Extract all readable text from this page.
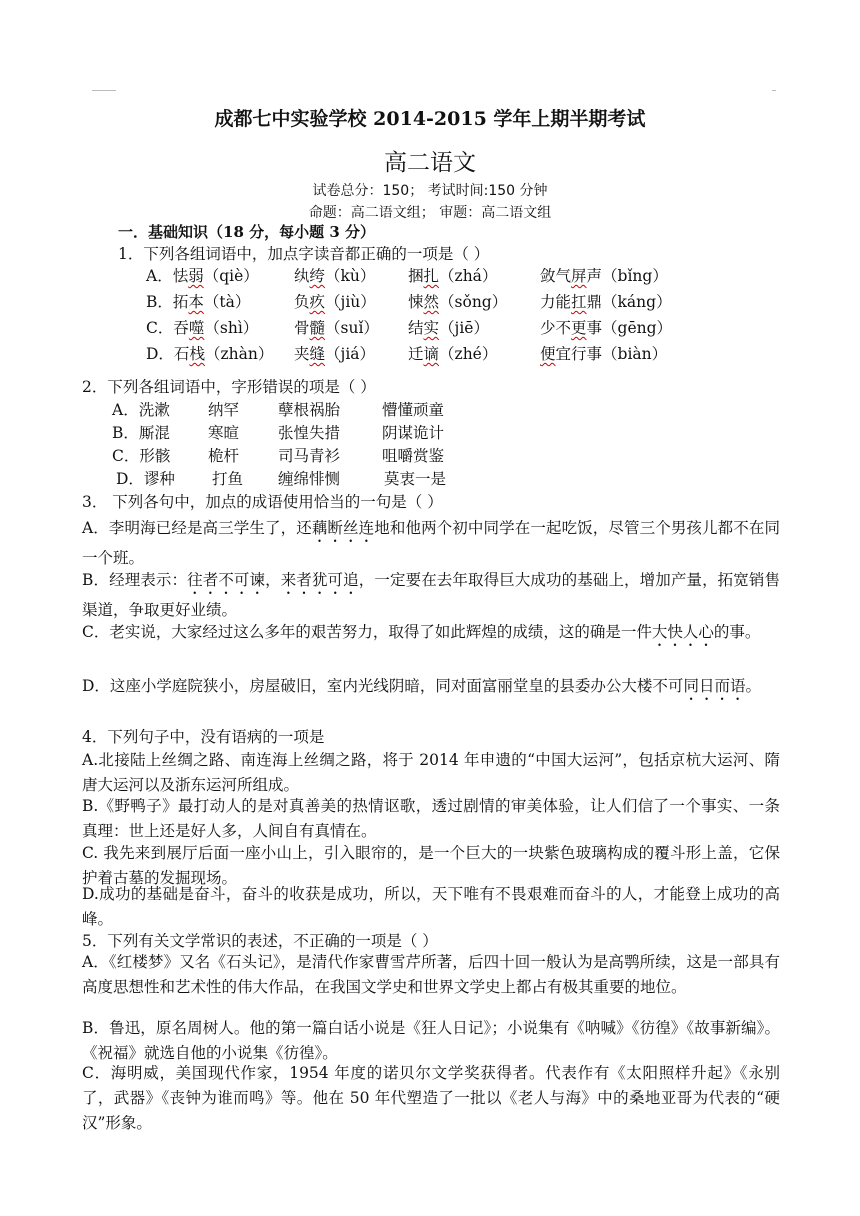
成都七中实验学校 2014-2015 学年上期半期考试
高二语文
试卷总分：150； 考试时间:150 分钟
命题：高二语文组； 审题：高二语文组
一．基础知识（18 分，每小题 3 分）
1．下列各组词语中，加点字读音都正确的一项是（ ）
A．怯弱（qiè） 纨绔（kù） 捆扎（zhá）	敛气屏声（bǐng）
B．拓本（tà）	负疚（jiù） 悚然（sǒng） 力能扛鼎（káng）
C．吞噬（shì） 骨髓（suǐ） 结实（jiē）	少不更事（gēng）
D．石栈（zhàn） 夹缝（jiá） 迁谪（zhé）	便宜行事（biàn）
2．下列各组词语中，字形错误的项是（ ）
A．洗漱 纳罕	孽根祸胎	懵懂顽童
B．厮混 寒暄	张惶失措	阴谋诡计
C．形骸 桅杆	司马青衫	咀嚼赏鉴
D．谬种 打鱼 缠绵悱恻	莫衷一是
3． 下列各句中，加点的成语使用恰当的一句是（ ）

A．李明海已经是高三学生了，还藕断丝连地和他两个初中同学在一起吃饭，尽管三个男孩儿都不在同一个班。

B．经理表示：往者不可谏，来者犹可追，一定要在去年取得巨大成功的基础上，增加产量，拓宽销售渠道，争取更好业绩。

C．老实说，大家经过这么多年的艰苦努力，取得了如此辉煌的成绩，这的确是一件大快人心的事。

D．这座小学庭院狭小，房屋破旧，室内光线阴暗，同对面富丽堂皇的县委办公大楼不可同日而语。

4．下列句子中，没有语病的一项是

A.北接陆上丝绸之路、南连海上丝绸之路，将于 2014 年申遗的“中国大运河”，包括京杭大运河、隋唐大运河以及浙东运河所组成。

B.《野鸭子》最打动人的是对真善美的热情讴歌，透过剧情的审美体验，让人们信了一个事实、一条真理：世上还是好人多，人间自有真情在。

C. 我先来到展厅后面一座小山上，引入眼帘的，是一个巨大的一块紫色玻璃构成的覆斗形上盖，它保护着古墓的发掘现场。

D.成功的基础是奋斗，奋斗的收获是成功，所以，天下唯有不畏艰难而奋斗的人，才能登上成功的高峰。

5．下列有关文学常识的表述，不正确的一项是（ ）

A．《红楼梦》又名《石头记》，是清代作家曹雪芹所著，后四十回一般认为是高鹗所续，这是一部具有高度思想性和艺术性的伟大作品，在我国文学史和世界文学史上都占有极其重要的地位。

B．鲁迅，原名周树人。他的第一篇白话小说是《狂人日记》；小说集有《呐喊》《彷徨》《故事新编》。《祝福》就选自他的小说集《彷徨》。

C．海明威，美国现代作家，1954 年度的诺贝尔文学奖获得者。代表作有《太阳照样升起》《永别了，武器》《丧钟为谁而鸣》等。他在 50 年代塑造了一批以《老人与海》中的桑地亚哥为代表的“硬汉”形象。
